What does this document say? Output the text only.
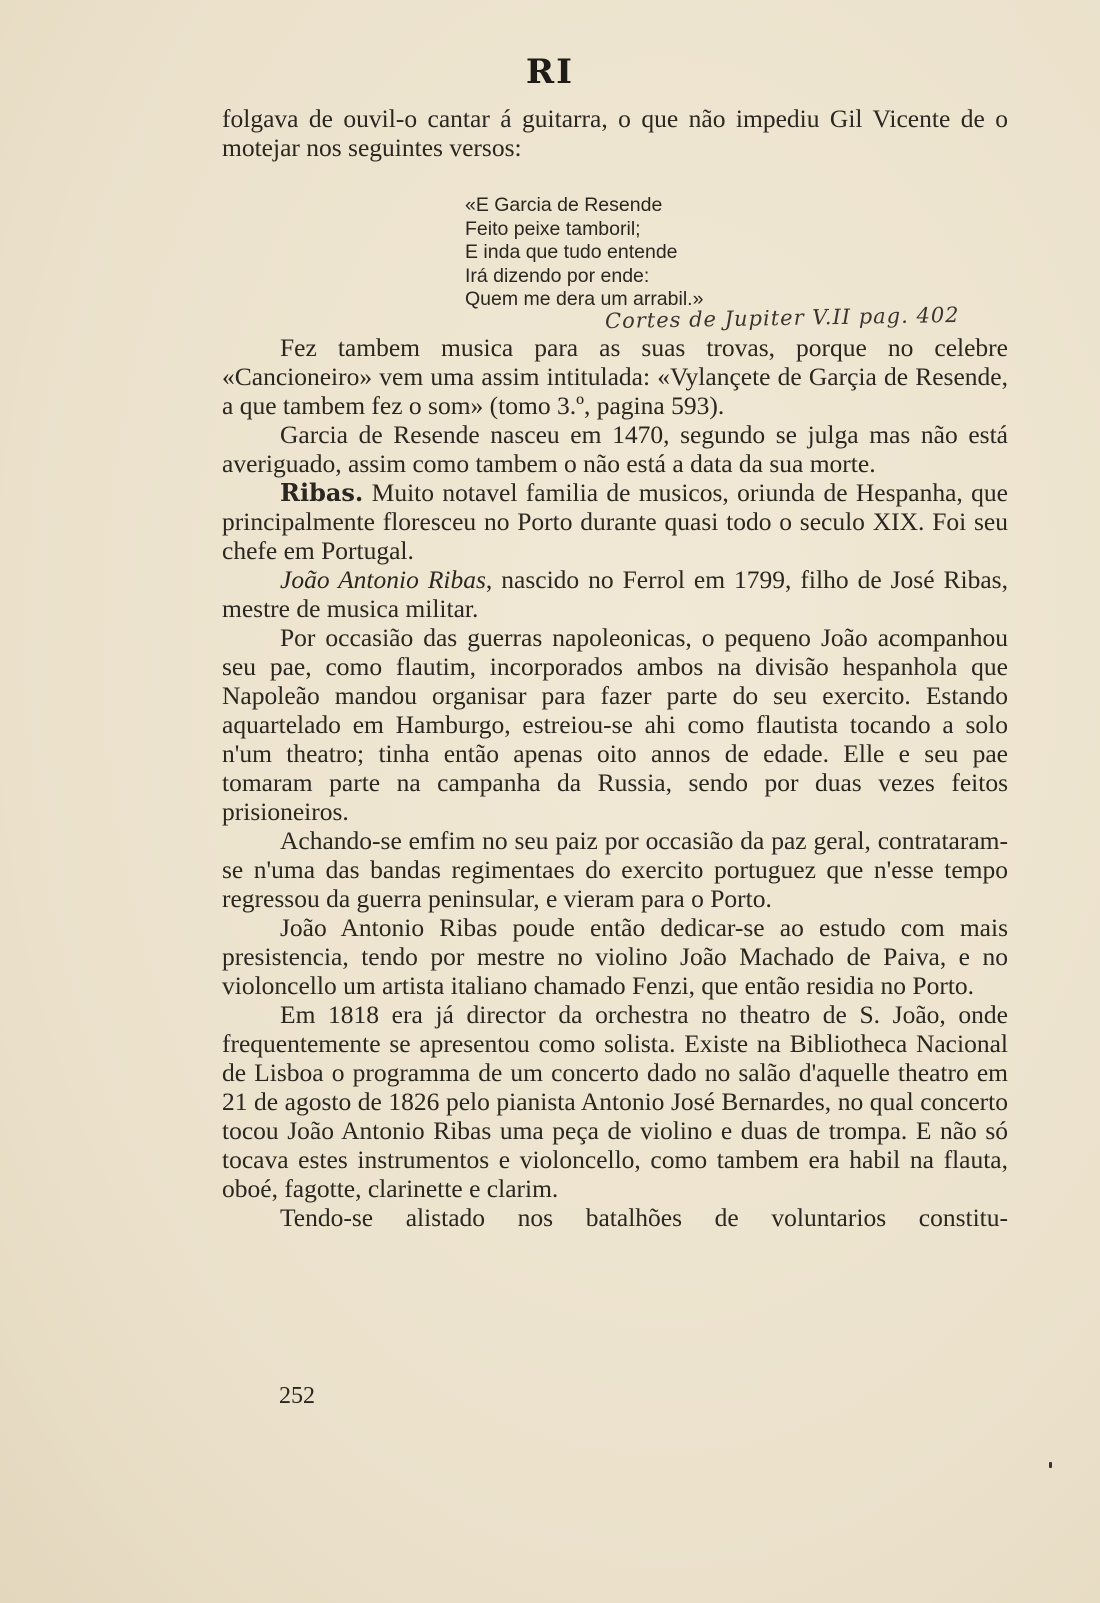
RI

folgava de ouvil-o cantar á guitarra, o que não impediu Gil Vicente de o motejar nos seguintes versos:

«E Garcia de Resende
Feito peixe tamboril;
E inda que tudo entende
Irá dizendo por ende:
Quem me dera um arrabil.»
Cortes de Jupiter V.II pag. 402

Fez tambem musica para as suas trovas, porque no celebre «Cancioneiro» vem uma assim intitulada: «Vylançete de Garçia de Resende, a que tambem fez o som» (tomo 3.º, pagina 593).

Garcia de Resende nasceu em 1470, segundo se julga mas não está averiguado, assim como tambem o não está a data da sua morte.

Ribas. Muito notavel familia de musicos, oriunda de Hespanha, que principalmente floresceu no Porto durante quasi todo o seculo XIX. Foi seu chefe em Portugal.

João Antonio Ribas, nascido no Ferrol em 1799, filho de José Ribas, mestre de musica militar.

Por occasião das guerras napoleonicas, o pequeno João acompanhou seu pae, como flautim, incorporados ambos na divisão hespanhola que Napoleão mandou organisar para fazer parte do seu exercito. Estando aquartelado em Hamburgo, estreiou-se ahi como flautista tocando a solo n'um theatro; tinha então apenas oito annos de edade. Elle e seu pae tomaram parte na campanha da Russia, sendo por duas vezes feitos prisioneiros.

Achando-se emfim no seu paiz por occasião da paz geral, contrataram-se n'uma das bandas regimentaes do exercito portuguez que n'esse tempo regressou da guerra peninsular, e vieram para o Porto.

João Antonio Ribas poude então dedicar-se ao estudo com mais presistencia, tendo por mestre no violino João Machado de Paiva, e no violoncello um artista italiano chamado Fenzi, que então residia no Porto.

Em 1818 era já director da orchestra no theatro de S. João, onde frequentemente se apresentou como solista. Existe na Bibliotheca Nacional de Lisboa o programma de um concerto dado no salão d'aquelle theatro em 21 de agosto de 1826 pelo pianista Antonio José Bernardes, no qual concerto tocou João Antonio Ribas uma peça de violino e duas de trompa. E não só tocava estes instrumentos e violoncello, como tambem era habil na flauta, oboé, fagotte, clarinette e clarim.

Tendo-se alistado nos batalhões de voluntarios constitu-

252
